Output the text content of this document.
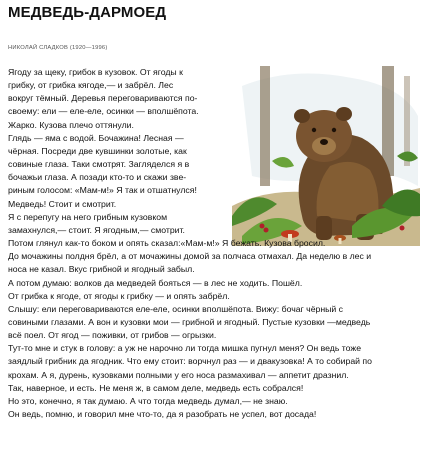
МЕДВЕДЬ-ДАРМОЕД
НИКОЛАЙ СЛАДКОВ (1920—1996)
Ягоду за щеку, грибок в кузовок. От ягоды к
грибку, от грибка кягоде,— и забрёл. Лес
вокруг тёмный. Деревья переговариваются по-
своему: ели — еле-еле, осинки — вполшёпота.
Жарко. Кузова плечо оттянули.
Глядь — яма с водой. Бочажина! Лесная —
чёрная. Посреди две кувшинки золотые, как
совиные глаза. Таки смотрят. Загляделся я в
бочажьи глаза. А позади кто-то и скажи зве-
риным голосом: «Мам-м!» Я так и отшатнулся!
Медведь! Стоит и смотрит.
Я с перепугу на него грибным кузовком
замахнулся,— стоит. Я ягодным,— смотрит.
Потом глянул как-то боком и опять сказал:«Мам-м!» Я бежать. Кузова бросил.
До мочажины полдня брёл, а от мочажины домой за полчаса отмахал. Да неделю в лес и
носа не казал. Вкус грибной и ягодный забыл.
А потом думаю: волков да медведей бояться — в лес не ходить. Пошёл.
От грибка к ягоде, от ягоды к грибку — и опять забрёл.
Слышу: ели переговариваются еле-еле, осинки вполшёпота. Вижу: бочаг чёрный с
совиными глазами. А вон и кузовки мои — грибной и ягодный. Пустые кузовки —медведь
всё поел. От ягод — поживки, от грибов — огрызки.
Тут-то мне и стук в голову: а уж не нарочно ли тогда мишка пугнул меня? Он ведь тоже
заядлый грибник да ягодник. Что ему стоит: ворчнул раз — и двакузовка! А то собирай по
крохам. А я, дурень, кузовками полными у его носа размахивал — аппетит дразнил.
Так, наверное, и есть. Не меня ж, в самом деле, медведь есть собрался!
Но это, конечно, я так думаю. А что тогда медведь думал,— не знаю.
Он ведь, помню, и говорил мне что-то, да я разобрать не успел, вот досада!
